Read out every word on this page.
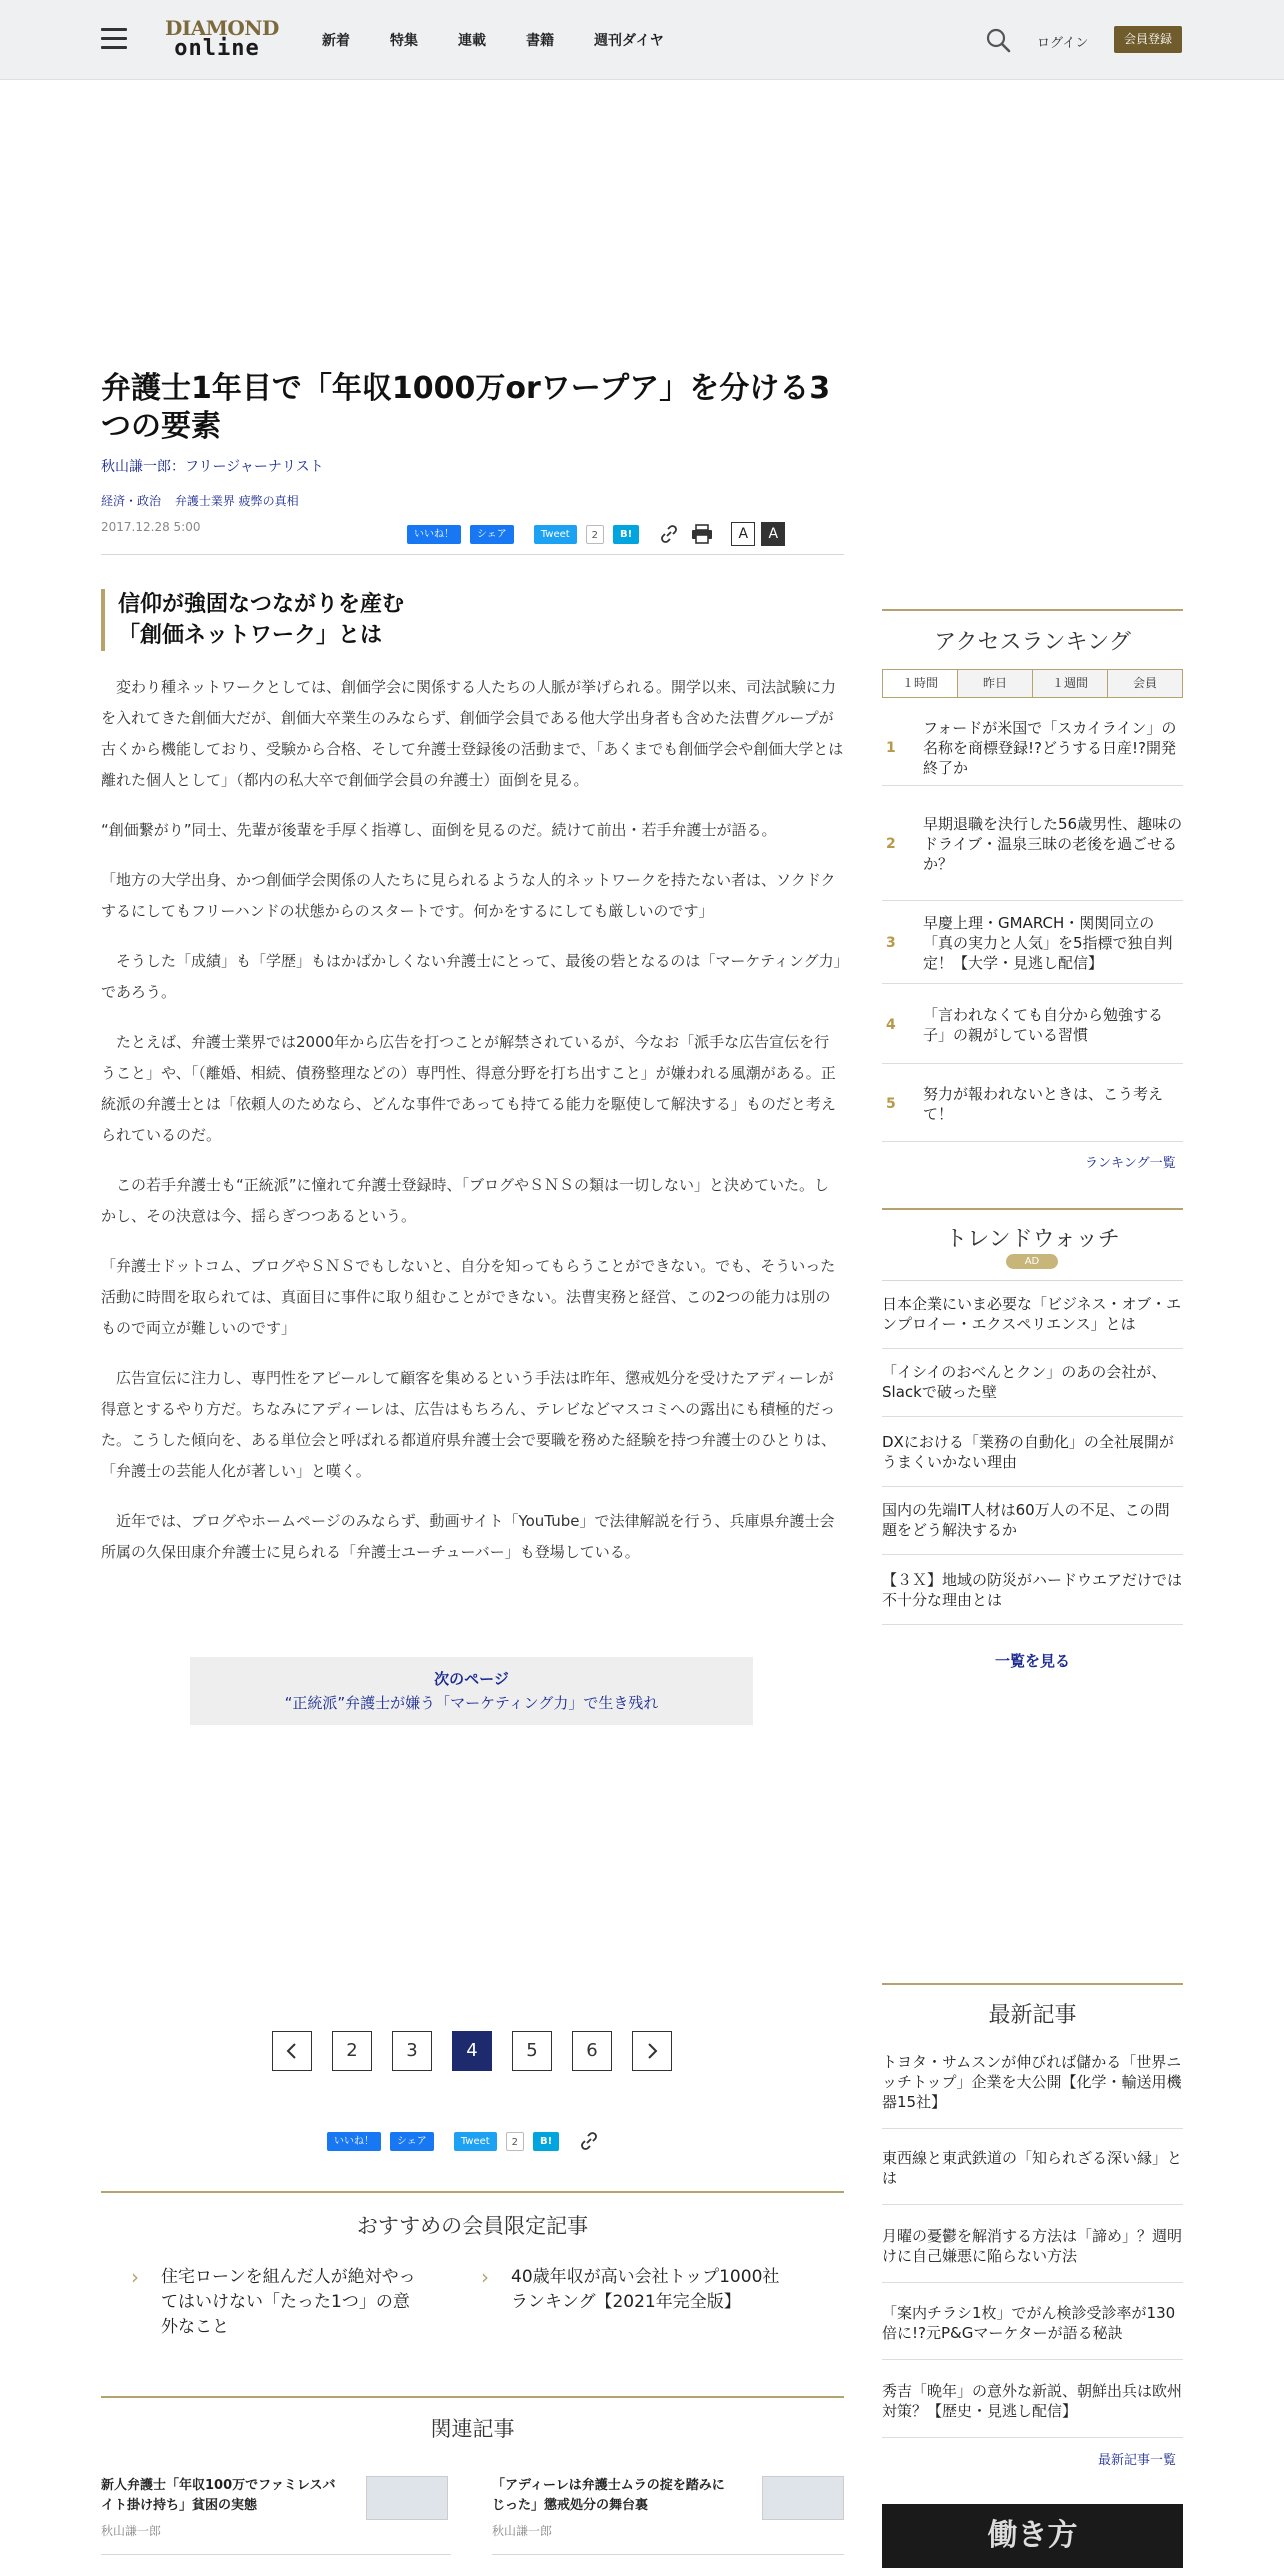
DIAMOND
online	新着	特集	連載	書籍	週刊ダイヤ	ログイン	会員登録
弁護士1年目で「年収1000万orワープア」を分ける3つの要素
秋山謙一郎：フリージャーナリスト
経済・政治 弁護士業界 疲弊の真相
2017.12.28 5:00	いいね！	シェア	Tweet	2	B!	A	A
信仰が強固なつながりを産む
「創価ネットワーク」とは

　変わり種ネットワークとしては、創価学会に関係する人たちの人脈が挙げられる。開学以来、司法試験に力を入れてきた創価大だが、創価大卒業生のみならず、創価学会員である他大学出身者も含めた法曹グループが古くから機能しており、受験から合格、そして弁護士登録後の活動まで、「あくまでも創価学会や創価大学とは離れた個人として」（都内の私大卒で創価学会員の弁護士）面倒を見る。

“創価繋がり”同士、先輩が後輩を手厚く指導し、面倒を見るのだ。続けて前出・若手弁護士が語る。

「地方の大学出身、かつ創価学会関係の人たちに見られるような人的ネットワークを持たない者は、ソクドクするにしてもフリーハンドの状態からのスタートです。何かをするにしても厳しいのです」

　そうした「成績」も「学歴」もはかばかしくない弁護士にとって、最後の砦となるのは「マーケティング力」であろう。

　たとえば、弁護士業界では2000年から広告を打つことが解禁されているが、今なお「派手な広告宣伝を行うこと」や、「（離婚、相続、債務整理などの）専門性、得意分野を打ち出すこと」が嫌われる風潮がある。正統派の弁護士とは「依頼人のためなら、どんな事件であっても持てる能力を駆使して解決する」ものだと考えられているのだ。

　この若手弁護士も“正統派”に憧れて弁護士登録時、「ブログやＳＮＳの類は一切しない」と決めていた。しかし、その決意は今、揺らぎつつあるという。

「弁護士ドットコム、ブログやＳＮＳでもしないと、自分を知ってもらうことができない。でも、そういった活動に時間を取られては、真面目に事件に取り組むことができない。法曹実務と経営、この2つの能力は別のもので両立が難しいのです」

　広告宣伝に注力し、専門性をアピールして顧客を集めるという手法は昨年、懲戒処分を受けたアディーレが得意とするやり方だ。ちなみにアディーレは、広告はもちろん、テレビなどマスコミへの露出にも積極的だった。こうした傾向を、ある単位会と呼ばれる都道府県弁護士会で要職を務めた経験を持つ弁護士のひとりは、「弁護士の芸能人化が著しい」と嘆く。

　近年では、ブログやホームページのみならず、動画サイト「YouTube」で法律解説を行う、兵庫県弁護士会所属の久保田康介弁護士に見られる「弁護士ユーチューバー」も登場している。

次のページ
“正統派”弁護士が嫌う「マーケティング力」で生き残れ
2	3	4	5	6
いいね！	シェア	Tweet	2	B!
おすすめの会員限定記事
› 住宅ローンを組んだ人が絶対やってはいけない「たった1つ」の意外なこと
› 40歳年収が高い会社トップ1000社ランキング【2021年完全版】
関連記事
新人弁護士「年収100万でファミレスバイト掛け持ち」貧困の実態
秋山謙一郎
「アディーレは弁護士ムラの掟を踏みにじった」懲戒処分の舞台裏
秋山謙一郎
アクセスランキング
１時間	昨日	１週間	会員
1
フォードが米国で「スカイライン」の名称を商標登録!?どうする日産!?開発終了か
2
早期退職を決行した56歳男性、趣味のドライブ・温泉三昧の老後を過ごせるか？
3
早慶上理・GMARCH・関関同立の「真の実力と人気」を5指標で独自判定！【大学・見逃し配信】
4
「言われなくても自分から勉強する子」の親がしている習慣
5
努力が報われないときは、こう考えて！
ランキング一覧
トレンドウォッチ
AD
日本企業にいま必要な「ビジネス・オブ・エンプロイー・エクスペリエンス」とは
「イシイのおべんとクン」のあの会社が、Slackで破った壁
DXにおける「業務の自動化」の全社展開がうまくいかない理由
国内の先端IT人材は60万人の不足、この問題をどう解決するか
【３Ｘ】地域の防災がハードウエアだけでは不十分な理由とは
一覧を見る
最新記事
トヨタ・サムスンが伸びれば儲かる「世界ニッチトップ」企業を大公開【化学・輸送用機器15社】
東西線と東武鉄道の「知られざる深い縁」とは
月曜の憂鬱を解消する方法は「諦め」？週明けに自己嫌悪に陥らない方法
「案内チラシ1枚」でがん検診受診率が130倍に!?元P&Gマーケターが語る秘訣
秀吉「晩年」の意外な新説、朝鮮出兵は欧州対策？【歴史・見逃し配信】
最新記事一覧
働き方
